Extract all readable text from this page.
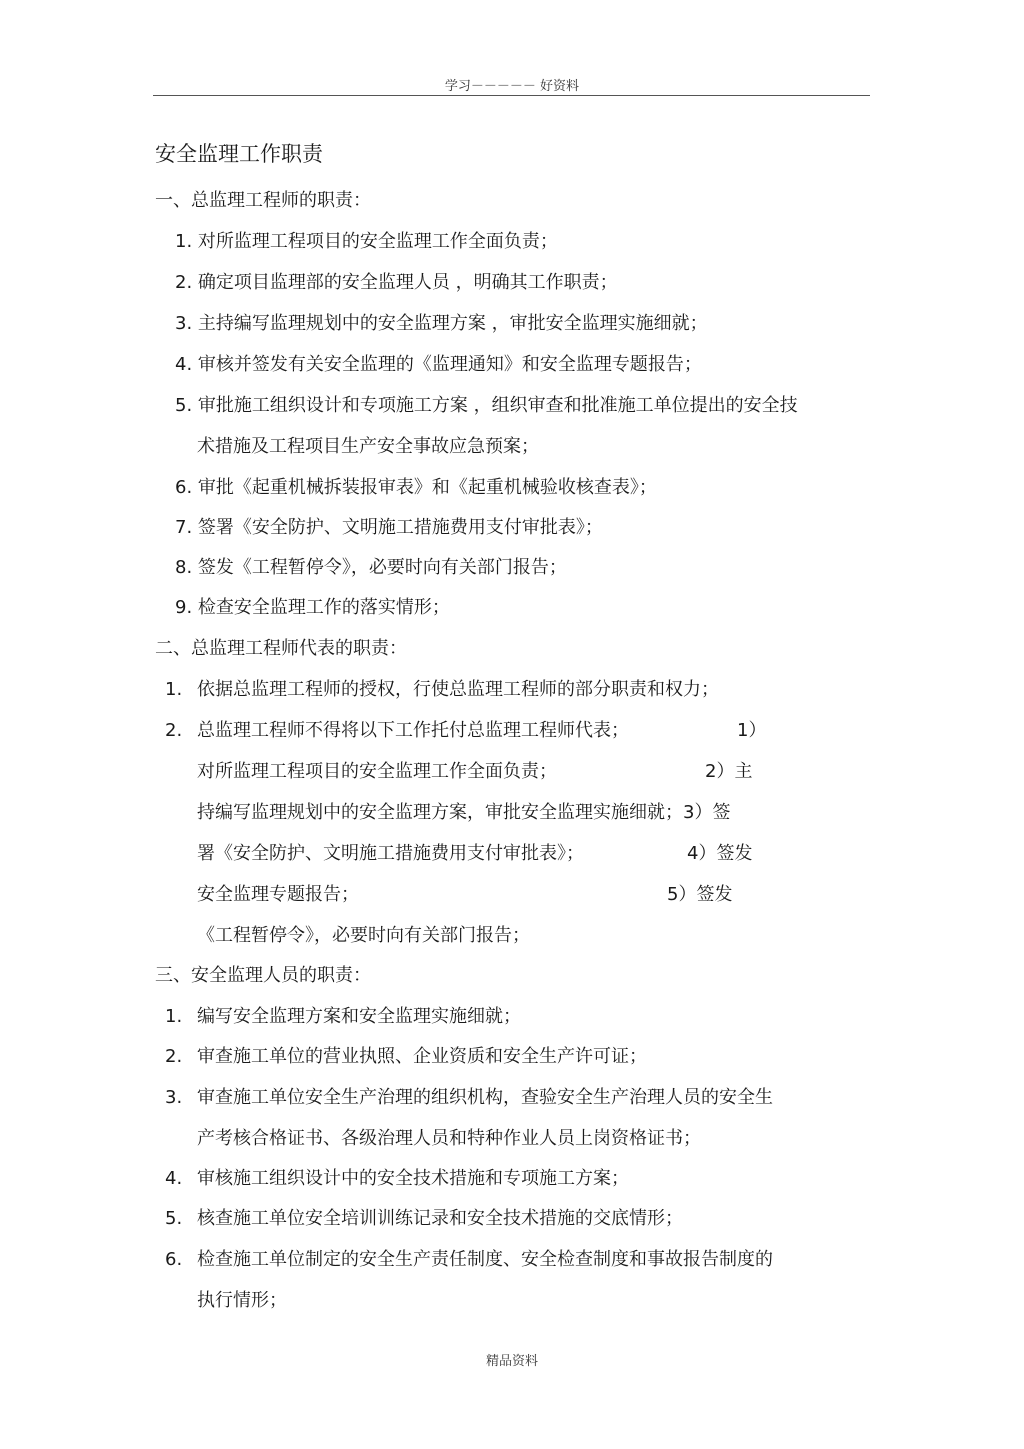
学习－－－－－ 好资料
安全监理工作职责
一、总监理工程师的职责：
1. 对所监理工程项目的安全监理工作全面负责；
2. 确定项目监理部的安全监理人员 ，明确其工作职责；
3. 主持编写监理规划中的安全监理方案 ，审批安全监理实施细就；
4. 审核并签发有关安全监理的《监理通知》和安全监理专题报告；
5. 审批施工组织设计和专项施工方案 ，组织审查和批准施工单位提出的安全技
术措施及工程项目生产安全事故应急预案；
6. 审批《起重机械拆装报审表》和《起重机械验收核查表》；
7. 签署《安全防护、文明施工措施费用支付审批表》；
8. 签发《工程暂停令》，必要时向有关部门报告；
9. 检查安全监理工作的落实情形；
二、总监理工程师代表的职责：
1. 依据总监理工程师的授权，行使总监理工程师的部分职责和权力；
2. 总监理工程师不得将以下工作托付总监理工程师代表；	1）
对所监理工程项目的安全监理工作全面负责；	2）主
持编写监理规划中的安全监理方案，审批安全监理实施细就；3）签
署《安全防护、文明施工措施费用支付审批表》；	4）签发
安全监理专题报告；	5）签发
《工程暂停令》，必要时向有关部门报告；
三、安全监理人员的职责：
1. 编写安全监理方案和安全监理实施细就；
2. 审查施工单位的营业执照、企业资质和安全生产许可证；
3. 审查施工单位安全生产治理的组织机构，查验安全生产治理人员的安全生
产考核合格证书、各级治理人员和特种作业人员上岗资格证书；
4. 审核施工组织设计中的安全技术措施和专项施工方案；
5. 核查施工单位安全培训训练记录和安全技术措施的交底情形；
6. 检查施工单位制定的安全生产责任制度、安全检查制度和事故报告制度的
执行情形；
精品资料
